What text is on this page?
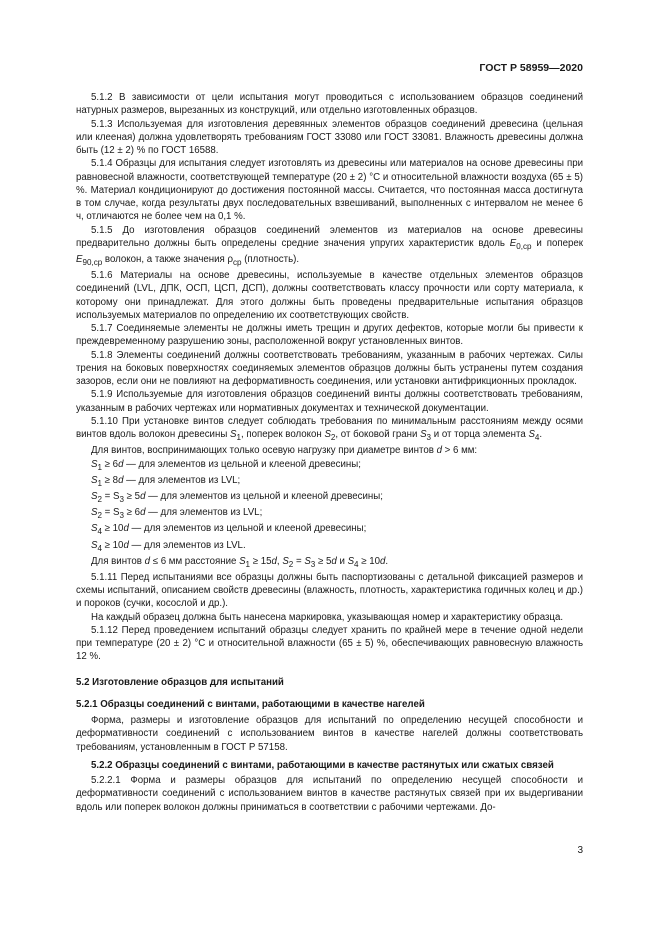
ГОСТ Р 58959—2020

5.1.2 В зависимости от цели испытания могут проводиться с использованием образцов соединений натурных размеров, вырезанных из конструкций, или отдельно изготовленных образцов.

5.1.3 Используемая для изготовления деревянных элементов образцов соединений древесина (цельная или клееная) должна удовлетворять требованиям ГОСТ 33080 или ГОСТ 33081. Влажность древесины должна быть (12 ± 2) % по ГОСТ 16588.

5.1.4 Образцы для испытания следует изготовлять из древесины или материалов на основе древесины при равновесной влажности, соответствующей температуре (20 ± 2) °С и относительной влажности воздуха (65 ± 5) %. Материал кондиционируют до достижения постоянной массы. Считается, что постоянная масса достигнута в том случае, когда результаты двух последовательных взвешиваний, выполненных с интервалом не менее 6 ч, отличаются не более чем на 0,1 %.

5.1.5 До изготовления образцов соединений элементов из материалов на основе древесины предварительно должны быть определены средние значения упругих характеристик вдоль $E_{0,ср}$ и поперек $E_{90,ср}$ волокон, а также значения $\rho_{ср}$ (плотность).

5.1.6 Материалы на основе древесины, используемые в качестве отдельных элементов образцов соединений (LVL, ДПК, ОСП, ЦСП, ДСП), должны соответствовать классу прочности или сорту материала, к которому они принадлежат. Для этого должны быть проведены предварительные испытания образцов используемых материалов по определению их соответствующих свойств.

5.1.7 Соединяемые элементы не должны иметь трещин и других дефектов, которые могли бы привести к преждевременному разрушению зоны, расположенной вокруг установленных винтов.

5.1.8 Элементы соединений должны соответствовать требованиям, указанным в рабочих чертежах. Силы трения на боковых поверхностях соединяемых элементов образцов должны быть устранены путем создания зазоров, если они не повлияют на деформативность соединения, или установки антифрикционных прокладок.

5.1.9 Используемые для изготовления образцов соединений винты должны соответствовать требованиям, указанным в рабочих чертежах или нормативных документах и технической документации.

5.1.10 При установке винтов следует соблюдать требования по минимальным расстояниям между осями винтов вдоль волокон древесины $S_1$, поперек волокон $S_2$, от боковой грани $S_3$ и от торца элемента $S_4$.

Для винтов, воспринимающих только осевую нагрузку при диаметре винтов d > 6 мм:

$S_1 \ge 6d$ — для элементов из цельной и клееной древесины;

$S_1 \ge 8d$ — для элементов из LVL;

$S_2 = S_3 \ge 5d$ — для элементов из цельной и клееной древесины;

$S_2 = S_3 \ge 6d$ — для элементов из LVL;

$S_4 \ge 10d$ — для элементов из цельной и клееной древесины;

$S_4 \ge 10d$ — для элементов из LVL.

Для винтов d ≤ 6 мм расстояние $S_1 \ge 15d$, $S_2 = S_3 \ge 5d$ и $S_4 \ge 10d$.

5.1.11 Перед испытаниями все образцы должны быть паспортизованы с детальной фиксацией размеров и схемы испытаний, описанием свойств древесины (влажность, плотность, характеристика годичных колец и др.) и пороков (сучки, косослой и др.).

На каждый образец должна быть нанесена маркировка, указывающая номер и характеристику образца.

5.1.12 Перед проведением испытаний образцы следует хранить по крайней мере в течение одной недели при температуре (20 ± 2) °С и относительной влажности (65 ± 5) %, обеспечивающих равновесную влажность 12 %.

5.2 Изготовление образцов для испытаний

5.2.1 Образцы соединений с винтами, работающими в качестве нагелей

Форма, размеры и изготовление образцов для испытаний по определению несущей способности и деформативности соединений с использованием винтов в качестве нагелей должны соответствовать требованиям, установленным в ГОСТ Р 57158.

5.2.2 Образцы соединений с винтами, работающими в качестве растянутых или сжатых связей

5.2.2.1 Форма и размеры образцов для испытаний по определению несущей способности и деформативности соединений с использованием винтов в качестве растянутых связей при их выдергивании вдоль или поперек волокон должны приниматься в соответствии с рабочими чертежами. До-

3
